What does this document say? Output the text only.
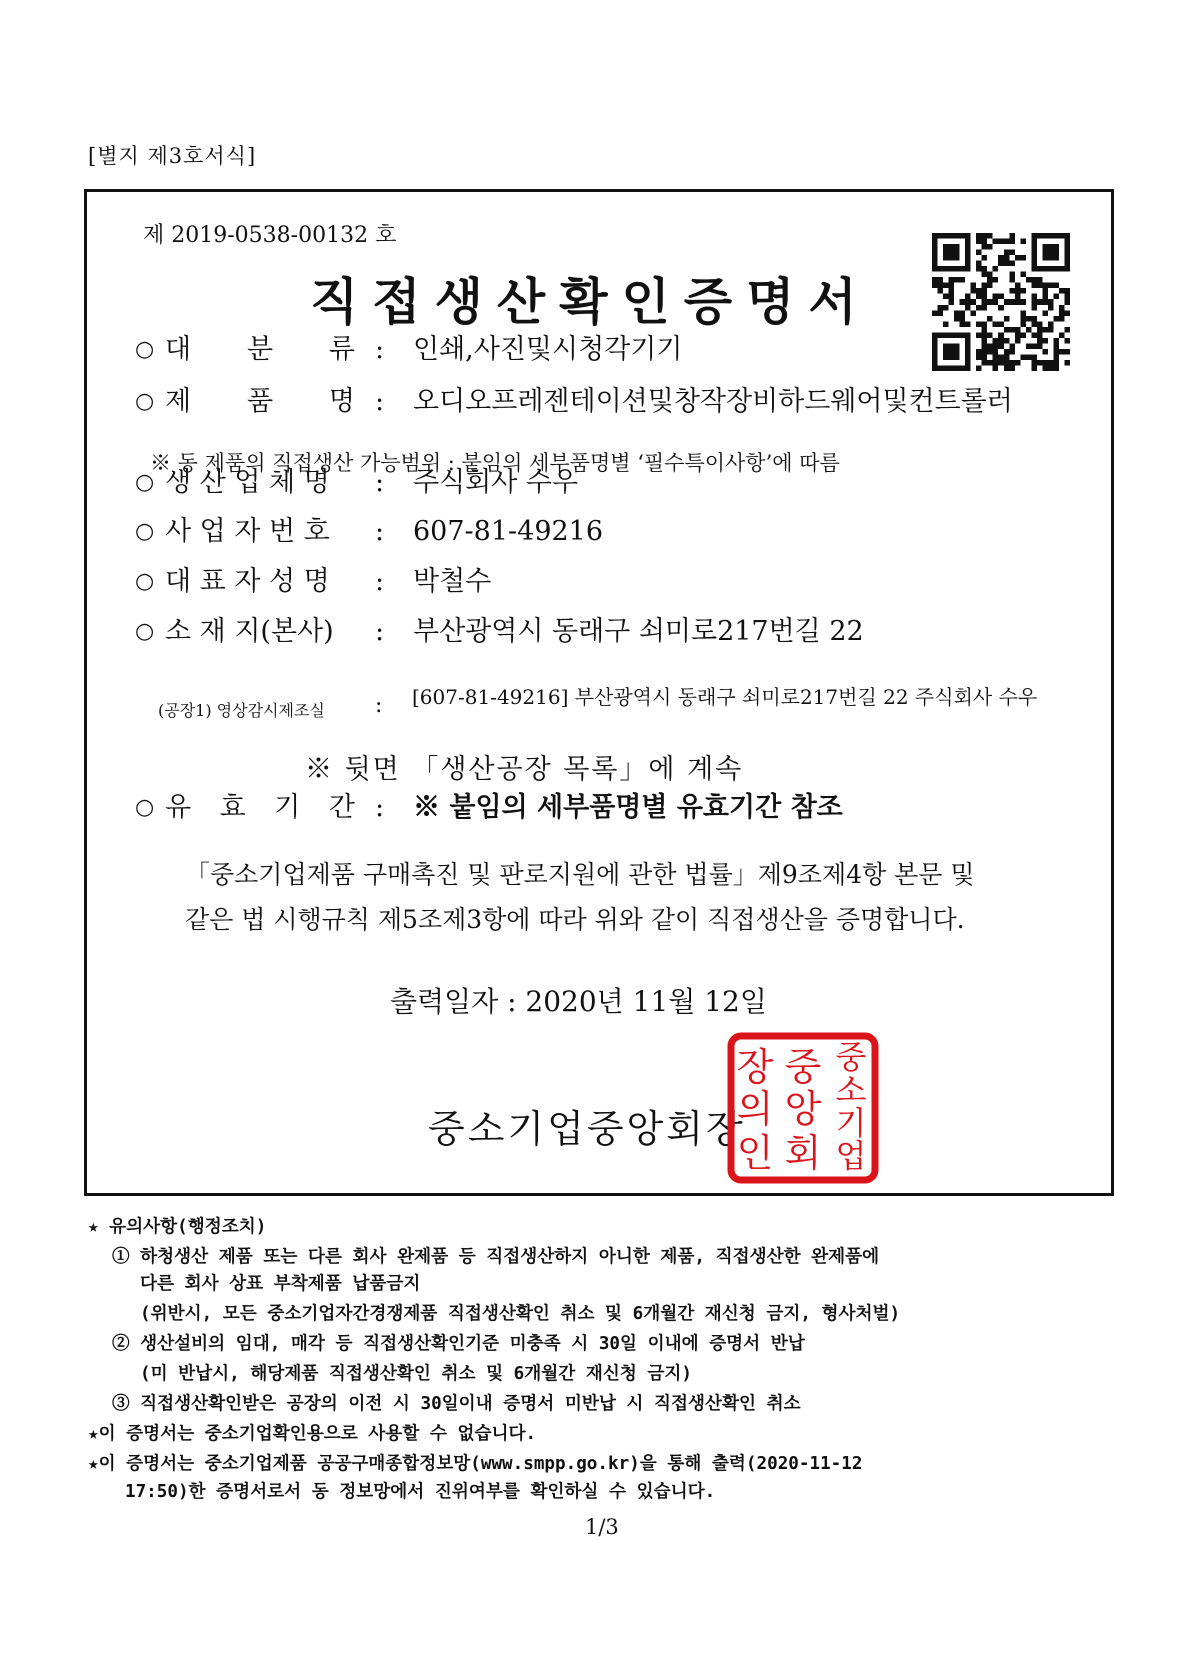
[별지 제3호서식]
제 2019-0538-00132 호
직접생산확인증명서
○ 대 분 류 : 인쇄,사진및시청각기기
○ 제 품 명 : 오디오프레젠테이션및창작장비하드웨어및컨트롤러
※ 동 제품의 직접생산 가능범위 : 붙임의 세부품명별 ‘필수특이사항’에 따름
○ 생 산 업 체 명	: 주식회사 수우
○ 사 업 자 번 호	: 607-81-49216
○ 대 표 자 성 명	: 박철수
○ 소 재 지(본사)	: 부산광역시 동래구 쇠미로217번길 22
(공장1) 영상감시제조실 : [607-81-49216] 부산광역시 동래구 쇠미로217번길 22 주식회사 수우
※ 뒷면 「생산공장 목록」에 계속
○ 유 효 기 간 : ※ 붙임의 세부품명별 유효기간 참조
「중소기업제품 구매촉진 및 판로지원에 관한 법률」제9조제4항 본문 및
같은 법 시행규칙 제5조제3항에 따라 위와 같이 직접생산을 증명합니다.
출력일자 : 2020년 11월 12일
중소기업중앙회장
중
소
기
업
중
앙
회
장
의
인
★ 유의사항(행정조치)
① 하청생산 제품 또는 다른 회사 완제품 등 직접생산하지 아니한 제품, 직접생산한 완제품에
다른 회사 상표 부착제품 납품금지
(위반시, 모든 중소기업자간경쟁제품 직접생산확인 취소 및 6개월간 재신청 금지, 형사처벌)
② 생산설비의 임대, 매각 등 직접생산확인기준 미충족 시 30일 이내에 증명서 반납
(미 반납시, 해당제품 직접생산확인 취소 및 6개월간 재신청 금지)
③ 직접생산확인받은 공장의 이전 시 30일이내 증명서 미반납 시 직접생산확인 취소
★이 증명서는 중소기업확인용으로 사용할 수 없습니다.
★이 증명서는 중소기업제품 공공구매종합정보망(www.smpp.go.kr)을 통해 출력(2020-11-12
17:50)한 증명서로서 동 정보망에서 진위여부를 확인하실 수 있습니다.
1/3
